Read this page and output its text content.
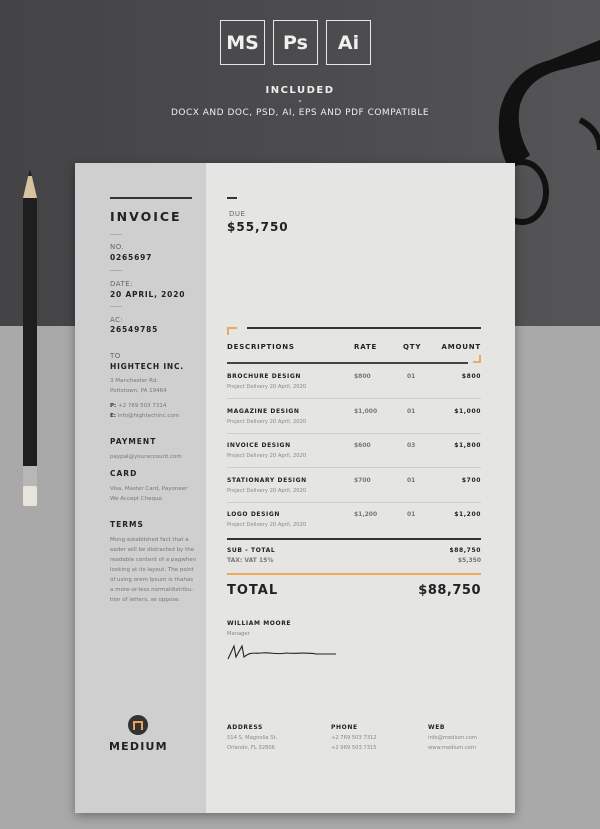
MS	Ps	Ai
INCLUDED
-
DOCX AND DOC, PSD, AI, EPS AND PDF COMPATIBLE
INVOICE
NO.
0265697
DATE:
20 APRIL, 2020
AC:
26549785
TO
HIGHTECH INC.
3 Manchester Rd.
Pottstown, PA 19464
P: +2 769 503 7314
E: info@hightechinc.com
PAYMENT
paypal@youraccount.com
CARD
Visa, Master Card, Payoneer
We Accept Cheque.
TERMS
Mong established fact that a
eader will be distracted by the
readable content of a pagwhen
looking at its layout. The point
of using orem Ipsum is thahas
a more-or-less normaldistribu-
tion of letters, as oppose.
MEDIUM
DUE
$55,750
DESCRIPTIONS	RATE	QTY	AMOUNT
BROCHURE DESIGN
Project Delivery 20 April, 2020
$800	01	$800
MAGAZINE DESIGN
Project Delivery 20 April, 2020
$1,000	01	$1,000
INVOICE DESIGN
Project Delivery 20 April, 2020
$600	03	$1,800
STATIONARY DESIGN
Project Delivery 20 April, 2020
$700	01	$700
LOGO DESIGN
Project Delivery 20 April, 2020
$1,200	01	$1,200
SUB - TOTAL	$88,750
TAX: VAT 15%	$5,350
TOTAL	$88,750
WILLIAM MOORE
Manager
ADDRESS
514 S. Magnolia St.
Orlando, FL 32806
PHONE
+2 769 503 7312
+2 969 503 7315
WEB
info@medium.com
www.medium.com
